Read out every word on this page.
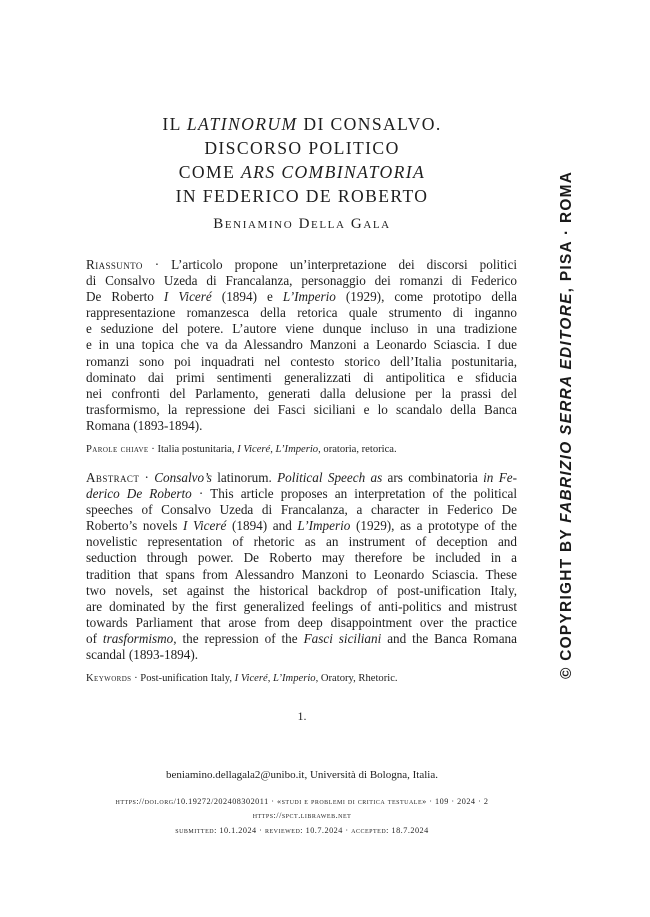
IL LATINORUM DI CONSALVO.
DISCORSO POLITICO
COME ARS COMBINATORIA
IN FEDERICO DE ROBERTO
Beniamino Della Gala
Riassunto · L’articolo propone un’interpretazione dei discorsi politici
di Consalvo Uzeda di Francalanza, personaggio dei romanzi di Federico
De Roberto I Viceré (1894) e L’Imperio (1929), come prototipo della
rappresentazione romanzesca della retorica quale strumento di inganno
e seduzione del potere. L’autore viene dunque incluso in una tradizione
e in una topica che va da Alessandro Manzoni a Leonardo Sciascia. I due
romanzi sono poi inquadrati nel contesto storico dell’Italia postunitaria,
dominato dai primi sentimenti generalizzati di antipolitica e sfiducia
nei confronti del Parlamento, generati dalla delusione per la prassi del
trasformismo, la repressione dei Fasci siciliani e lo scandalo della Banca
Romana (1893-1894).
Parole chiave · Italia postunitaria, I Viceré, L’Imperio, oratoria, retorica.
Abstract · Consalvo’s latinorum. Political Speech as ars combinatoria in Fe-
derico De Roberto · This article proposes an interpretation of the political
speeches of Consalvo Uzeda di Francalanza, a character in Federico De
Roberto’s novels I Viceré (1894) and L’Imperio (1929), as a prototype of the
novelistic representation of rhetoric as an instrument of deception and
seduction through power. De Roberto may therefore be included in a
tradition that spans from Alessandro Manzoni to Leonardo Sciascia. These
two novels, set against the historical backdrop of post-unification Italy,
are dominated by the first generalized feelings of anti-politics and mistrust
towards Parliament that arose from deep disappointment over the practice
of trasformismo, the repression of the Fasci siciliani and the Banca Romana
scandal (1893-1894).
Keywords · Post-unification Italy, I Viceré, L’Imperio, Oratory, Rhetoric.
1.
beniamino.dellagala2@unibo.it, Università di Bologna, Italia.
https://doi.org/10.19272/202408302011 · «studi e problemi di critica testuale» · 109 · 2024 · 2
https://spct.libraweb.net
submitted: 10.1.2024 · reviewed: 10.7.2024 · accepted: 18.7.2024
© COPYRIGHT BY FABRIZIO SERRA EDITORE, PISA · ROMA
